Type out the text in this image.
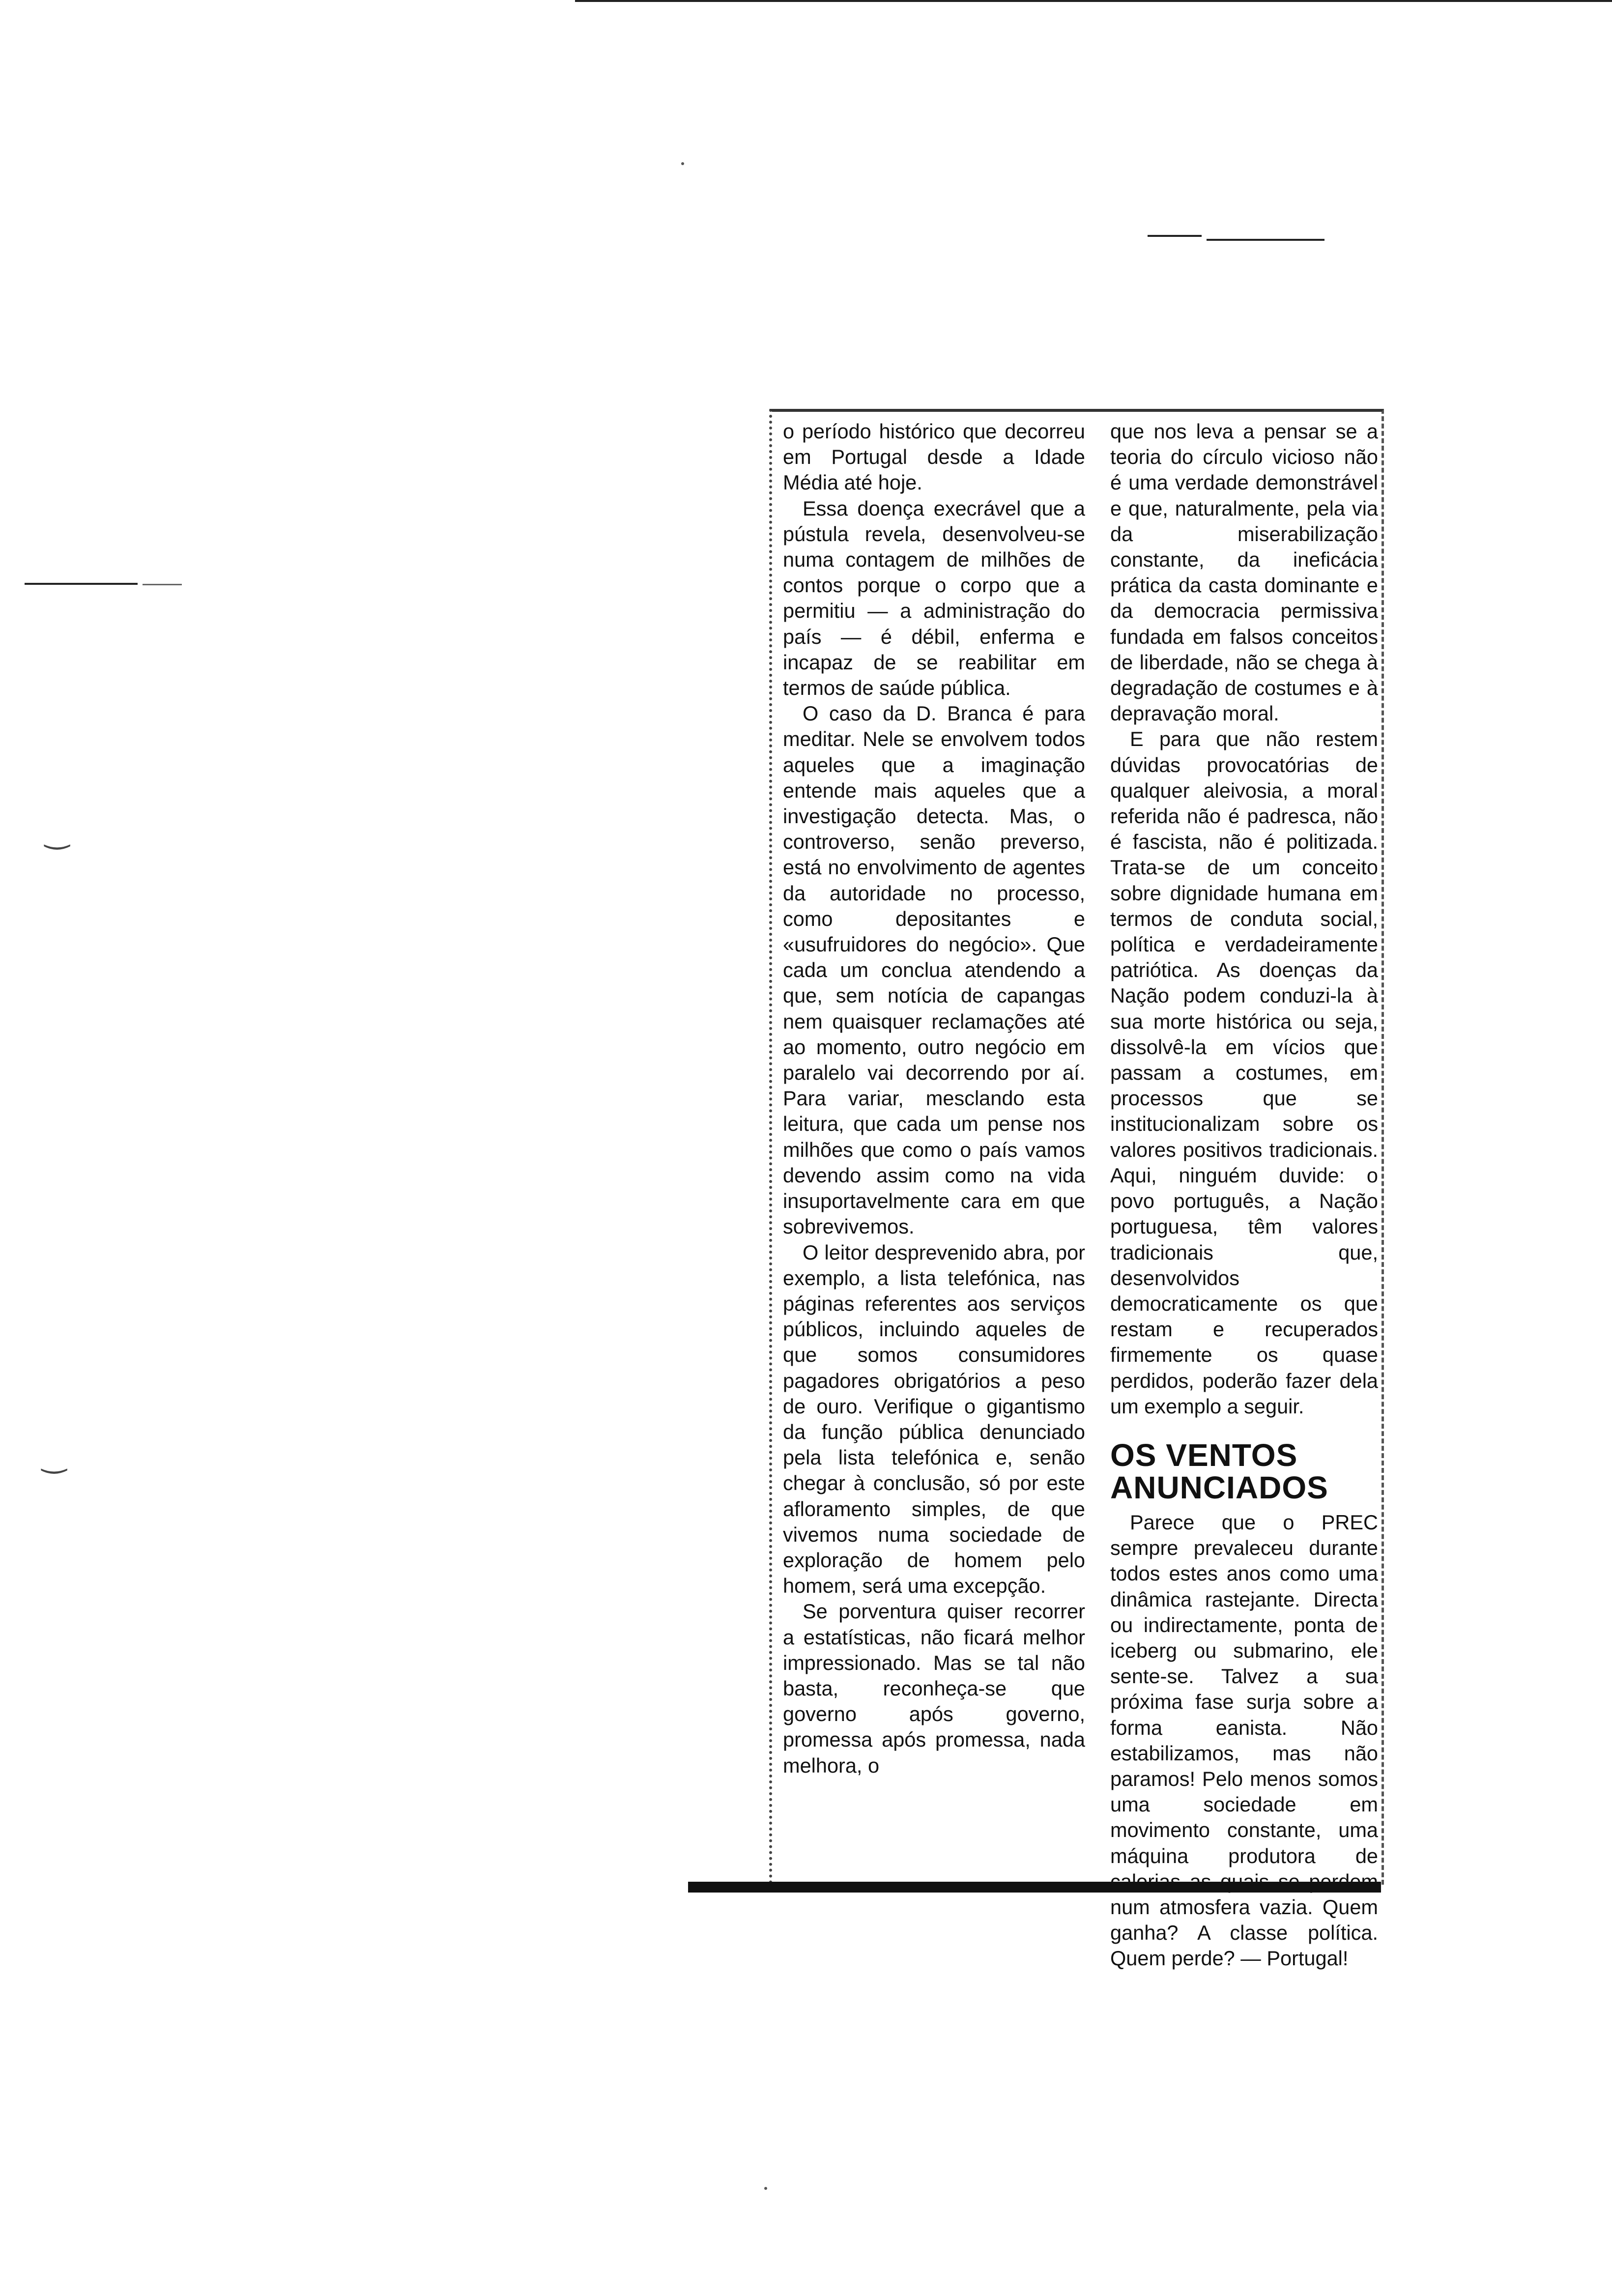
‿
‿

o período histórico que decorreu em Portugal desde a Idade Média até hoje.

Essa doença execrável que a pústula revela, desenvolveu-se numa contagem de milhões de contos porque o corpo que a permitiu — a administração do país — é débil, enferma e incapaz de se reabilitar em termos de saúde pública.

O caso da D. Branca é para meditar. Nele se envolvem todos aqueles que a imaginação entende mais aqueles que a investigação detecta. Mas, o controverso, senão preverso, está no envolvimento de agentes da autoridade no processo, como depositantes e «usufruidores do negócio». Que cada um conclua atendendo a que, sem notícia de capangas nem quaisquer reclamações até ao momento, outro negócio em paralelo vai decorrendo por aí. Para variar, mesclando esta leitura, que cada um pense nos milhões que como o país vamos devendo assim como na vida insuportavelmente cara em que sobrevivemos.

O leitor desprevenido abra, por exemplo, a lista telefónica, nas páginas referentes aos serviços públicos, incluindo aqueles de que somos consumidores pagadores obrigatórios a peso de ouro. Verifique o gigantismo da função pública denunciado pela lista telefónica e, senão chegar à conclusão, só por este afloramento simples, de que vivemos numa sociedade de exploração de homem pelo homem, será uma excepção.

Se porventura quiser recorrer a estatísticas, não ficará melhor impressionado. Mas se tal não basta, reconheça-se que governo após governo, promessa após promessa, nada melhora, o

que nos leva a pensar se a teoria do círculo vicioso não é uma verdade demonstrável e que, naturalmente, pela via da miserabilização constante, da ineficácia prática da casta dominante e da democracia permissiva fundada em falsos conceitos de liberdade, não se chega à degradação de costumes e à depravação moral.

E para que não restem dúvidas provocatórias de qualquer aleivosia, a moral referida não é padresca, não é fascista, não é politizada. Trata-se de um conceito sobre dignidade humana em termos de conduta social, política e verdadeiramente patriótica. As doenças da Nação podem conduzi-la à sua morte histórica ou seja, dissolvê-la em vícios que passam a costumes, em processos que se institucionalizam sobre os valores positivos tradicionais. Aqui, ninguém duvide: o povo português, a Nação portuguesa, têm valores tradicionais que, desenvolvidos democraticamente os que restam e recuperados firmemente os quase perdidos, poderão fazer dela um exemplo a seguir.

OS VENTOS ANUNCIADOS

Parece que o PREC sempre prevaleceu durante todos estes anos como uma dinâmica rastejante. Directa ou indirectamente, ponta de iceberg ou submarino, ele sente-se. Talvez a sua próxima fase surja sobre a forma eanista. Não estabilizamos, mas não paramos! Pelo menos somos uma sociedade em movimento constante, uma máquina produtora de num atmosfera vazia. Quem ganha? A classe política. Quem perde? — Portugal!
